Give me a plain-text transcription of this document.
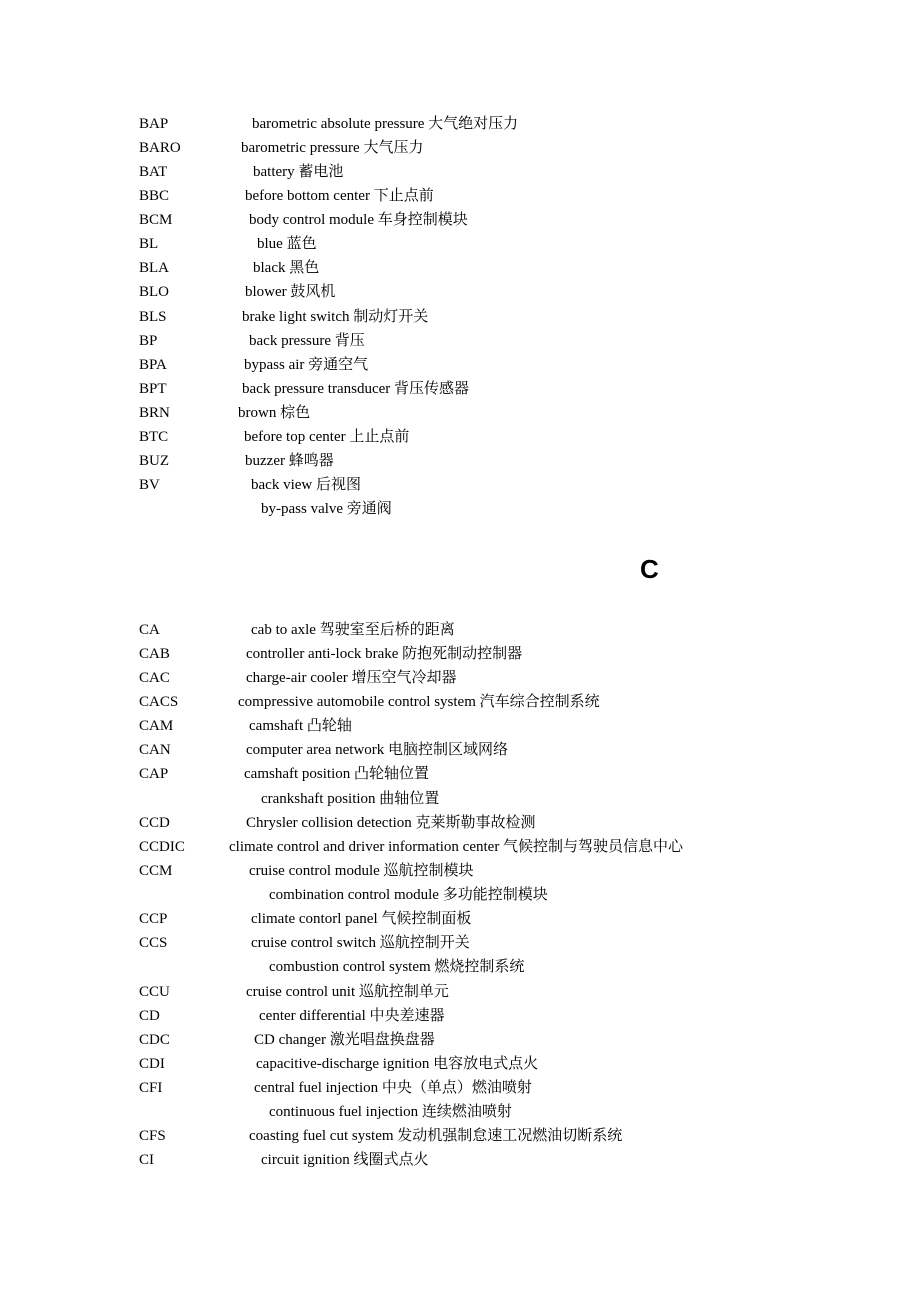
BAP	barometric absolute pressure 大气绝对压力
BARO	barometric pressure 大气压力
BAT	battery 蓄电池
BBC	before bottom center 下止点前
BCM	body control module 车身控制模块
BL	blue 蓝色
BLA	black 黑色
BLO	blower 鼓风机
BLS	brake light switch 制动灯开关
BP	back pressure 背压
BPA	bypass air 旁通空气
BPT	back pressure transducer 背压传感器
BRN	brown 棕色
BTC	before top center 上止点前
BUZ	buzzer 蜂鸣器
BV	back view 后视图
by-pass valve 旁通阀
C
CA	cab to axle 驾驶室至后桥的距离
CAB	controller anti-lock brake 防抱死制动控制器
CAC	charge-air cooler 增压空气冷却器
CACS	compressive automobile control system 汽车综合控制系统
CAM	camshaft 凸轮轴
CAN	computer area network 电脑控制区域网络
CAP	camshaft position 凸轮轴位置
crankshaft position 曲轴位置
CCD	Chrysler collision detection 克莱斯勒事故检测
CCDIC	climate control and driver information center 气候控制与驾驶员信息中心
CCM	cruise control module 巡航控制模块
combination control module 多功能控制模块
CCP	climate contorl panel 气候控制面板
CCS	cruise control switch 巡航控制开关
combustion control system 燃烧控制系统
CCU	cruise control unit 巡航控制单元
CD	center differential 中央差速器
CDC	CD changer 激光唱盘换盘器
CDI	capacitive-discharge ignition 电容放电式点火
CFI	central fuel injection 中央（单点）燃油喷射
continuous fuel injection 连续燃油喷射
CFS	coasting fuel cut system 发动机强制怠速工况燃油切断系统
CI	circuit ignition 线圈式点火
